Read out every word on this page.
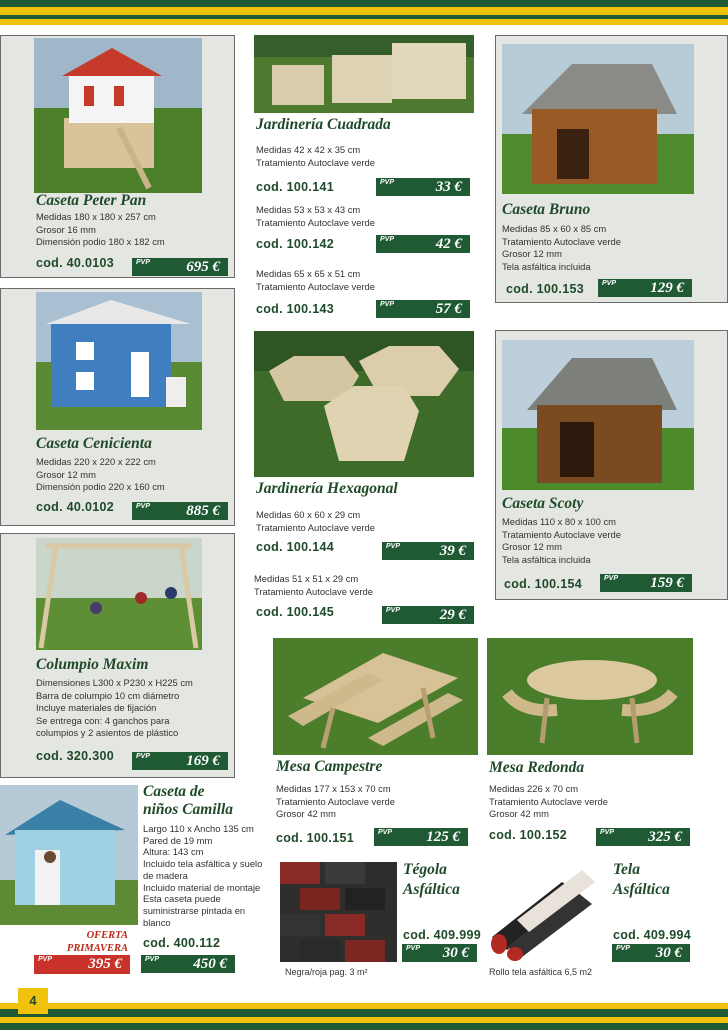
4
Caseta Peter Pan
Medidas 180 x 180 x 257 cm
Grosor 16 mm
Dimensión podio 180 x 182 cm
cod. 40.0103	PVP 695 €
Caseta Cenicienta
Medidas 220 x 220 x 222 cm
Grosor 12 mm
Dimensión podio 220 x 160 cm
cod. 40.0102	PVP 885 €
Columpio Maxim
Dimensiones L300 x P230 x H225 cm
Barra de columpio 10 cm diámetro
Incluye materiales de fijación
Se entrega con: 4 ganchos para
columpios y 2 asientos de plástico
cod. 320.300	PVP 169 €
Jardinería Cuadrada
Medidas 42 x 42 x 35 cm
Tratamiento Autoclave verde
cod. 100.141	PVP	33 €
Medidas 53 x 53 x 43 cm
Tratamiento Autoclave verde
cod. 100.142	PVP	42 €
Medidas 65 x 65 x 51 cm
Tratamiento Autoclave verde
cod. 100.143	PVP	57 €
Jardinería Hexagonal
Medidas 60 x 60 x 29 cm
Tratamiento Autoclave verde
cod. 100.144	PVP	39 €
Medidas 51 x 51 x 29 cm
Tratamiento Autoclave verde
cod. 100.145	PVP	29 €
Caseta Bruno
Medidas 85 x 60 x 85 cm
Tratamiento Autoclave verde
Grosor 12 mm
Tela asfáltica incluida
cod. 100.153	PVP 129 €
Caseta Scoty
Medidas 110 x 80 x 100 cm
Tratamiento Autoclave verde
Grosor 12 mm
Tela asfáltica incluida
cod. 100.154	PVP 159 €
Mesa Campestre
Medidas 177 x 153 x 70 cm
Tratamiento Autoclave verde
Grosor 42 mm
cod. 100.151	PVP 125 €
Mesa Redonda
Medidas 226 x 70 cm
Tratamiento Autoclave verde
Grosor 42 mm
cod. 100.152	PVP 325 €
Caseta de
niños Camilla
Largo 110 x Ancho 135 cm
Pared de 19 mm
Altura: 143 cm
Incluido tela asfáltica y suelo
de madera
Incluido material de montaje
Esta caseta puede
suministrarse pintada en
blanco
OFERTA
PRIMAVERA
PVP 395 €
cod. 400.112
PVP 450 €
Tégola
Asfáltica
cod. 409.999
PVP 30 €
Negra/roja pag. 3 m²
Tela
Asfáltica
cod. 409.994
PVP 30 €
Rollo tela asfáltica 6,5 m2
